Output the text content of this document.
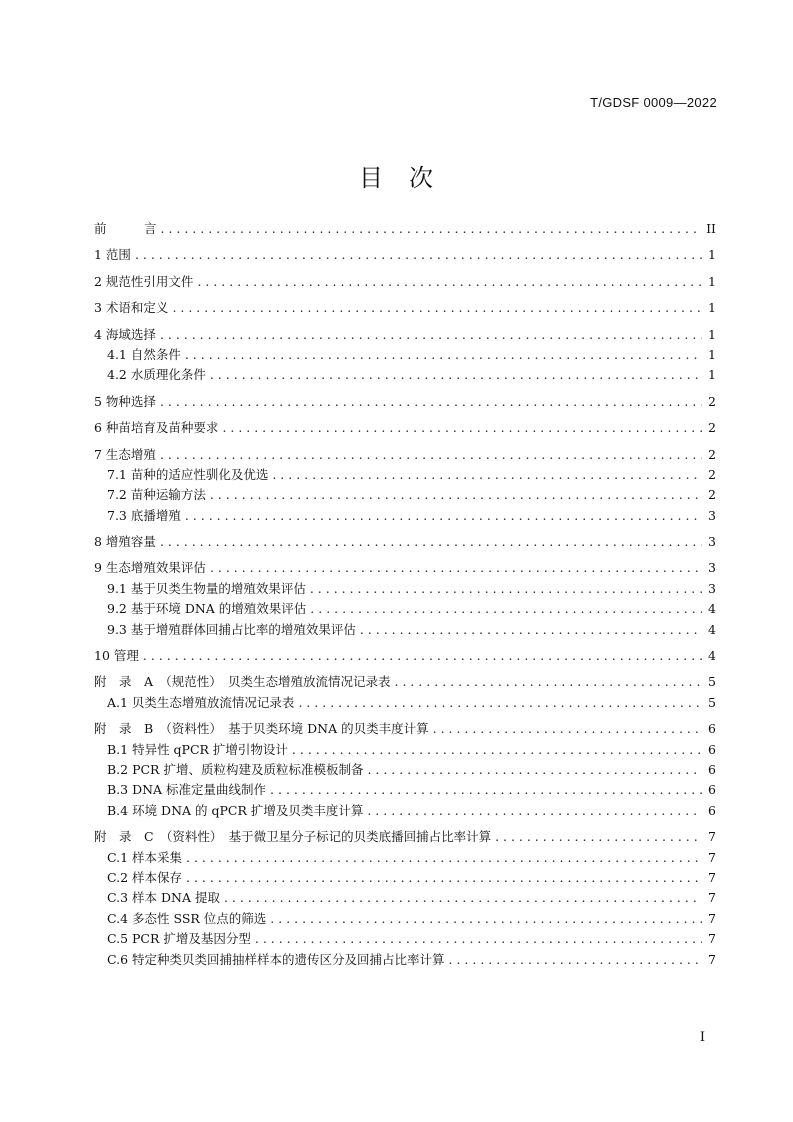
T/GDSF 0009—2022
目　次
前　　　言 . . .	II
1 范围 . . .	1
2 规范性引用文件 . . .	1
3 术语和定义 . . .	1
4 海域选择 . . .	1
4.1 自然条件 . . .	1
4.2 水质理化条件 . . .	1
5 物种选择 . . .	2
6 种苗培育及苗种要求 . . .	2
7 生态增殖 . . .	2
7.1 苗种的适应性驯化及优选 . . .	2
7.2 苗种运输方法 . . .	2
7.3 底播增殖 . . .	3
8 增殖容量 . . .	3
9 生态增殖效果评估 . . .	3
9.1 基于贝类生物量的增殖效果评估 . . .	3
9.2 基于环境 DNA 的增殖效果评估 . . .	4
9.3 基于增殖群体回捕占比率的增殖效果评估 . . .	4
10 管理 . . .	4
附　录　A　（规范性）　贝类生态增殖放流情况记录表 . . .	5
A.1 贝类生态增殖放流情况记录表 . . .	5
附　录　B　（资料性）　基于贝类环境 DNA 的贝类丰度计算 . . .	6
B.1 特异性 qPCR 扩增引物设计 . . .	6
B.2 PCR 扩增、质粒构建及质粒标准模板制备 . . .	6
B.3 DNA 标准定量曲线制作 . . .	6
B.4 环境 DNA 的 qPCR 扩增及贝类丰度计算 . . .	6
附　录　C　（资料性）　基于微卫星分子标记的贝类底播回捕占比率计算 . . .	7
C.1 样本采集 . . .	7
C.2 样本保存 . . .	7
C.3 样本 DNA 提取 . . .	7
C.4 多态性 SSR 位点的筛选 . . .	7
C.5 PCR 扩增及基因分型 . . .	7
C.6 特定种类贝类回捕抽样样本的遗传区分及回捕占比率计算 . . .	7
I
